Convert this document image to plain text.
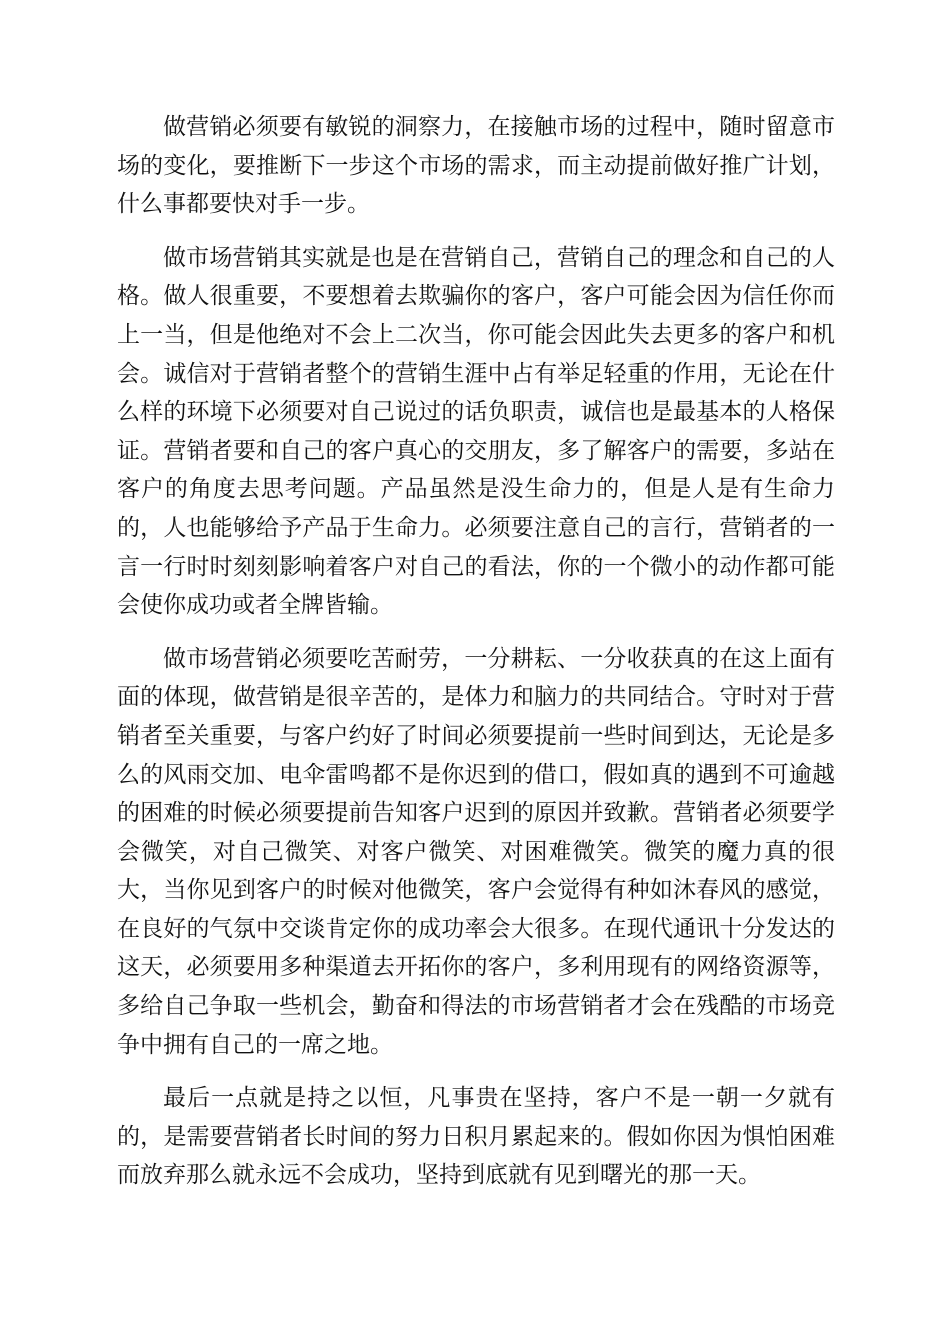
做营销必须要有敏锐的洞察力，在接触市场的过程中，随时留意市场的变化，要推断下一步这个市场的需求，而主动提前做好推广计划，什么事都要快对手一步。

做市场营销其实就是也是在营销自己，营销自己的理念和自己的人格。做人很重要，不要想着去欺骗你的客户，客户可能会因为信任你而上一当，但是他绝对不会上二次当，你可能会因此失去更多的客户和机会。诚信对于营销者整个的营销生涯中占有举足轻重的作用，无论在什么样的环境下必须要对自己说过的话负职责，诚信也是最基本的人格保证。营销者要和自己的客户真心的交朋友，多了解客户的需要，多站在客户的角度去思考问题。产品虽然是没生命力的，但是人是有生命力的，人也能够给予产品于生命力。必须要注意自己的言行，营销者的一言一行时时刻刻影响着客户对自己的看法，你的一个微小的动作都可能会使你成功或者全牌皆输。

做市场营销必须要吃苦耐劳，一分耕耘、一分收获真的在这上面有面的体现，做营销是很辛苦的，是体力和脑力的共同结合。守时对于营销者至关重要，与客户约好了时间必须要提前一些时间到达，无论是多么的风雨交加、电伞雷鸣都不是你迟到的借口，假如真的遇到不可逾越的困难的时候必须要提前告知客户迟到的原因并致歉。营销者必须要学会微笑，对自己微笑、对客户微笑、对困难微笑。微笑的魔力真的很大，当你见到客户的时候对他微笑，客户会觉得有种如沐春风的感觉，在良好的气氛中交谈肯定你的成功率会大很多。在现代通讯十分发达的这天，必须要用多种渠道去开拓你的客户，多利用现有的网络资源等，多给自己争取一些机会，勤奋和得法的市场营销者才会在残酷的市场竞争中拥有自己的一席之地。

最后一点就是持之以恒，凡事贵在坚持，客户不是一朝一夕就有的，是需要营销者长时间的努力日积月累起来的。假如你因为惧怕困难而放弃那么就永远不会成功，坚持到底就有见到曙光的那一天。
